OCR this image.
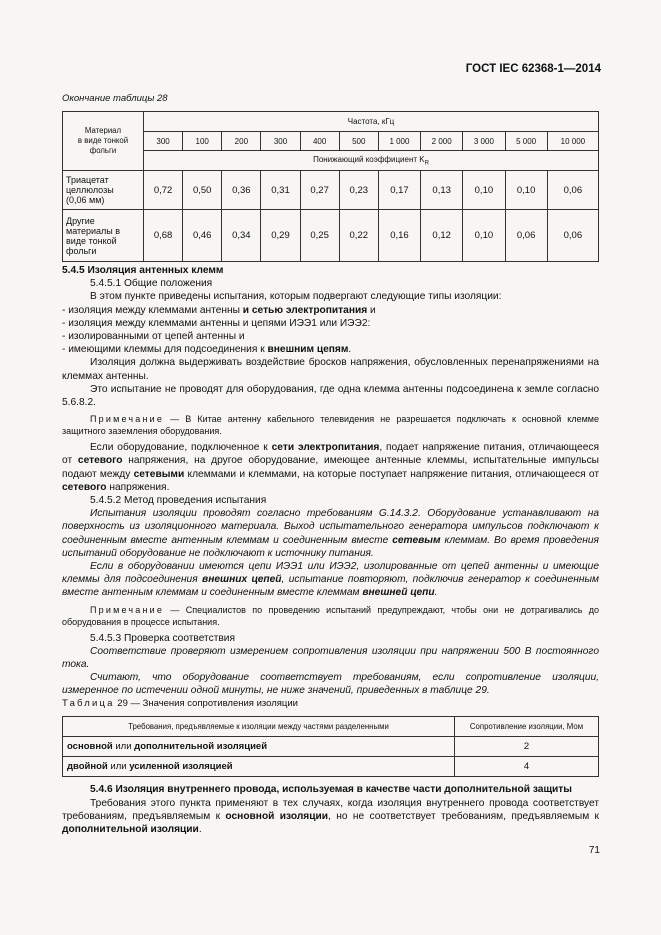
ГОСТ IEC 62368-1—2014
Окончание таблицы 28
Материал
в виде тонкой
фольги	Частота, кГц										
	300	100	200	300	400	500	1 000	2 000	3 000	5 000	10 000
	Понижающий коэффициент $K_R$
Триацетат
целлюлозы
(0,06 мм)	0,72	0,50	0,36	0,31	0,27	0,23	0,17	0,13	0,10	0,10	0,06
Другие
материалы в
виде тонкой
фольги	0,68	0,46	0,34	0,29	0,25	0,22	0,16	0,12	0,10	0,06	0,06

5.4.5 Изоляция антенных клемм

5.4.5.1 Общие положения

В этом пункте приведены испытания, которым подвергают следующие типы изоляции:

- изоляция между клеммами антенны и сетью электропитания и

- изоляция между клеммами антенны и цепями ИЭЭ1 или ИЭЭ2:

- изолированными от цепей антенны и

- имеющими клеммы для подсоединения к внешним цепям.

Изоляция должна выдерживать воздействие бросков напряжения, обусловленных перенапряжениями на клеммах антенны.

Это испытание не проводят для оборудования, где одна клемма антенны подсоединена к земле согласно 5.6.8.2.

Примечание — В Китае антенну кабельного телевидения не разрешается подключать к основной клемме защитного заземления оборудования.

Если оборудование, подключенное к сети электропитания, подает напряжение питания, отличающееся от сетевого напряжения, на другое оборудование, имеющее антенные клеммы, испытательные импульсы подают между сетевыми клеммами и клеммами, на которые поступает напряжение питания, отличающееся от сетевого напряжения.

5.4.5.2 Метод проведения испытания

Испытания изоляции проводят согласно требованиям G.14.3.2. Оборудование устанавливают на поверхность из изоляционного материала. Выход испытательного генератора импульсов подключают к соединенным вместе антенным клеммам и соединенным вместе сетевым клеммам. Во время проведения испытаний оборудование не подключают к источнику питания.

Если в оборудовании имеются цепи ИЭЭ1 или ИЭЭ2, изолированные от цепей антенны и имеющие клеммы для подсоединения внешних цепей, испытание повторяют, подключив генератор к соединенным вместе антенным клеммам и соединенным вместе клеммам внешней цепи.

Примечание — Специалистов по проведению испытаний предупреждают, чтобы они не дотрагивались до оборудования в процессе испытания.

5.4.5.3 Проверка соответствия

Соответствие проверяют измерением сопротивления изоляции при напряжении 500 В постоянного тока.

Считают, что оборудование соответствует требованиям, если сопротивление изоляции, измеренное по истечении одной минуты, не ниже значений, приведенных в таблице 29.

Таблица 29 — Значения сопротивления изоляции

Требования, предъявляемые к изоляции между частями разделенными	Сопротивление изоляции, Мом
основной или дополнительной изоляцией	2
двойной или усиленной изоляцией	4

5.4.6 Изоляция внутреннего провода, используемая в качестве части дополнительной защиты

Требования этого пункта применяют в тех случаях, когда изоляция внутреннего провода соответствует требованиям, предъявляемым к основной изоляции, но не соответствует требованиям, предъявляемым к дополнительной изоляции.

71
